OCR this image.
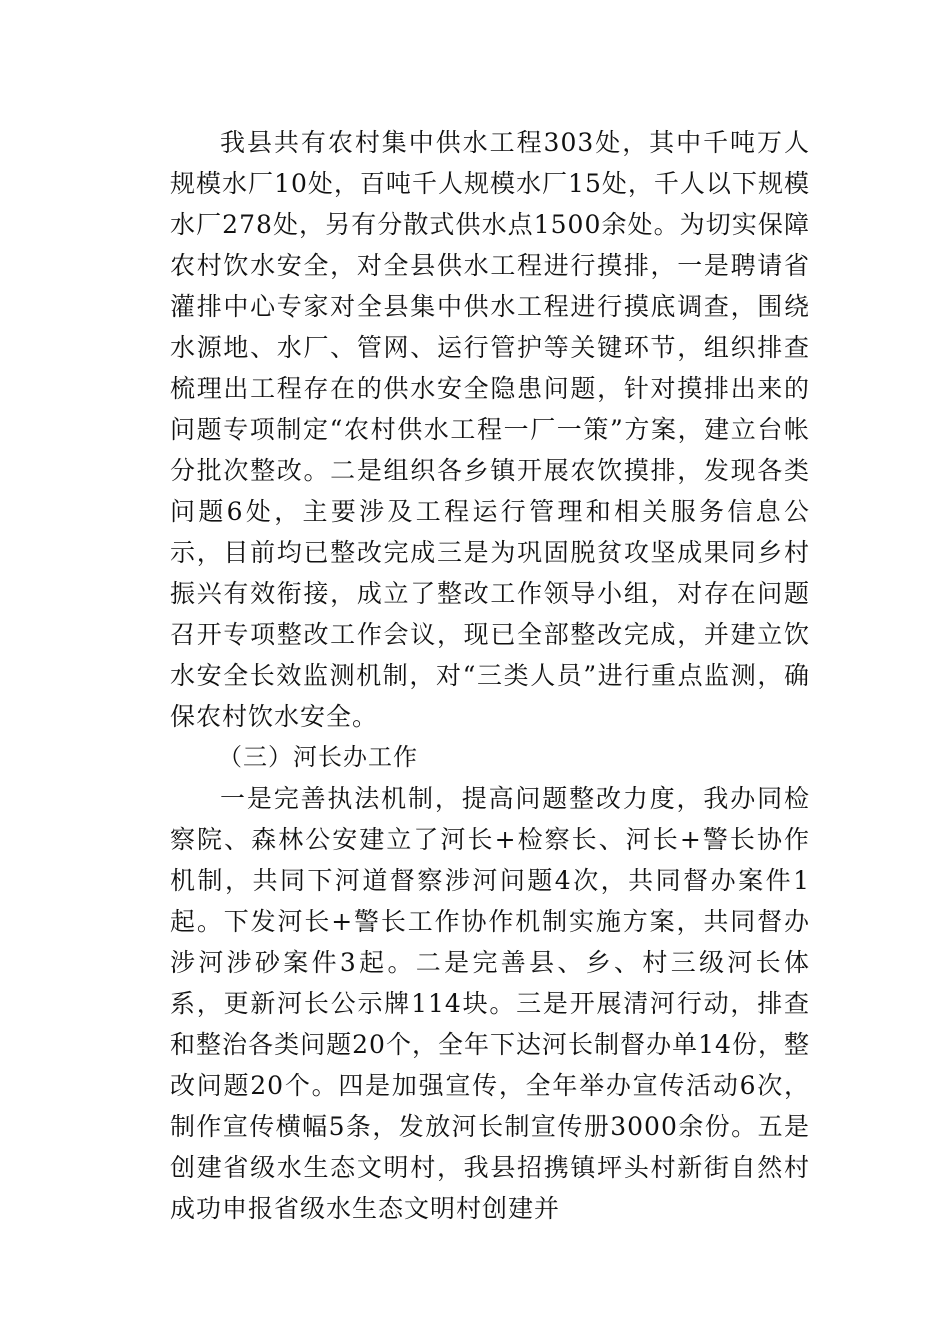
我县共有农村集中供水工程303处，其中千吨万人规模水厂10处，百吨千人规模水厂15处，千人以下规模水厂278处，另有分散式供水点1500余处。为切实保障农村饮水安全，对全县供水工程进行摸排，一是聘请省灌排中心专家对全县集中供水工程进行摸底调查，围绕水源地、水厂、管网、运行管护等关键环节，组织排查梳理出工程存在的供水安全隐患问题，针对摸排出来的问题专项制定“农村供水工程一厂一策”方案，建立台帐分批次整改。二是组织各乡镇开展农饮摸排，发现各类问题6处，主要涉及工程运行管理和相关服务信息公示，目前均已整改完成三是为巩固脱贫攻坚成果同乡村振兴有效衔接，成立了整改工作领导小组，对存在问题召开专项整改工作会议，现已全部整改完成，并建立饮水安全长效监测机制，对“三类人员”进行重点监测，确保农村饮水安全。

（三）河长办工作

一是完善执法机制，提高问题整改力度，我办同检察院、森林公安建立了河长+检察长、河长+警长协作机制，共同下河道督察涉河问题4次，共同督办案件1起。下发河长+警长工作协作机制实施方案，共同督办涉河涉砂案件3起。二是完善县、乡、村三级河长体系，更新河长公示牌114块。三是开展清河行动，排查和整治各类问题20个，全年下达河长制督办单14份，整改问题20个。四是加强宣传，全年举办宣传活动6次，制作宣传横幅5条，发放河长制宣传册3000余份。五是创建省级水生态文明村，我县招携镇坪头村新街自然村成功申报省级水生态文明村创建并
